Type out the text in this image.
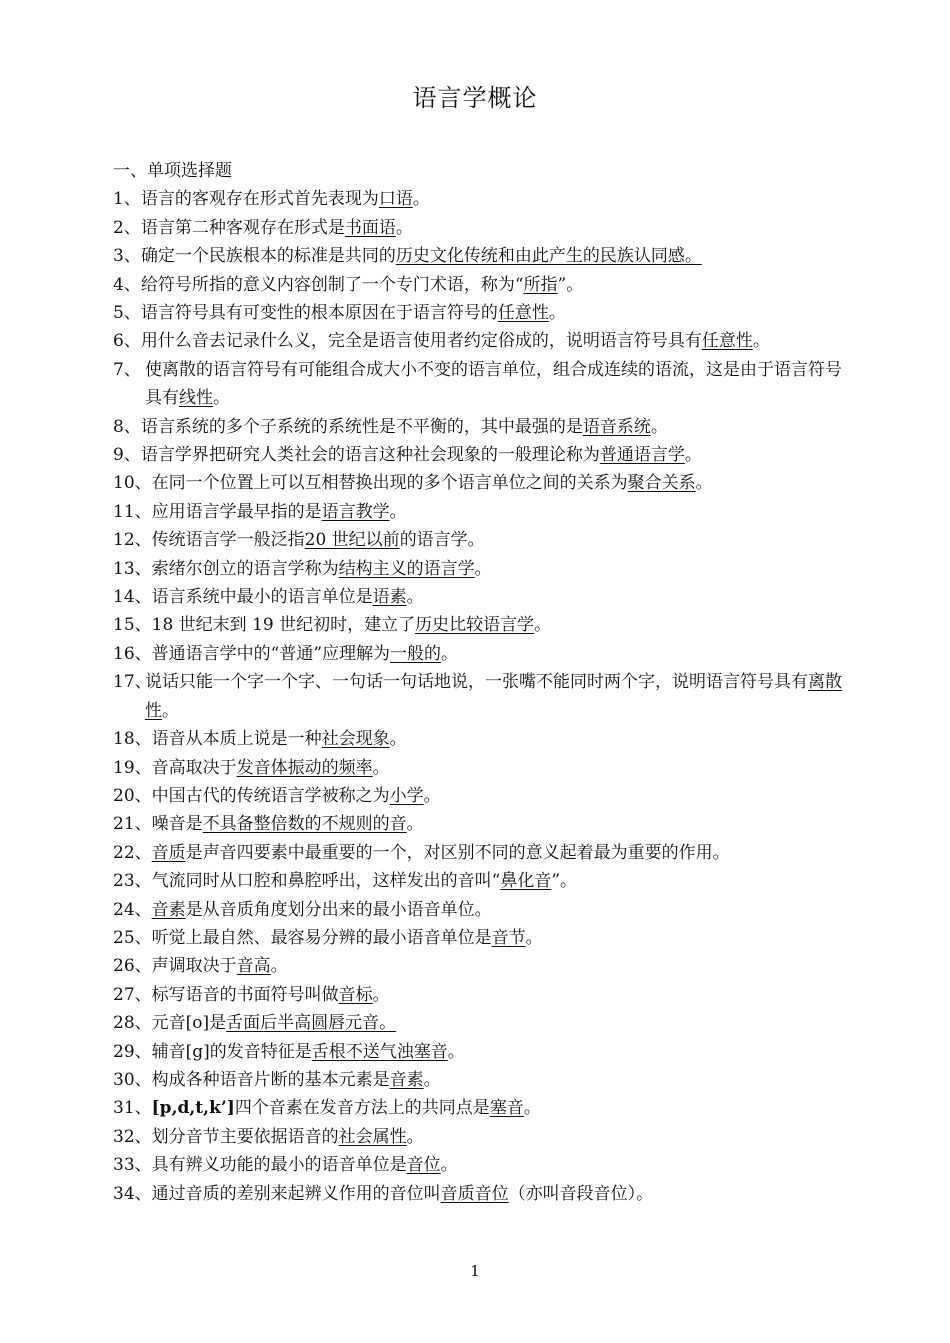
语言学概论
一、单项选择题
1、 语言的客观存在形式首先表现为口语。
2、 语言第二种客观存在形式是书面语。
3、 确定一个民族根本的标准是共同的历史文化传统和由此产生的民族认同感。
4、 给符号所指的意义内容创制了一个专门术语，称为“所指”。
5、 语言符号具有可变性的根本原因在于语言符号的任意性。
6、 用什么音去记录什么义，完全是语言使用者约定俗成的，说明语言符号具有任意性。
7、 使离散的语言符号有可能组合成大小不变的语言单位，组合成连续的语流，这是由于语言符号具有线性。
8、 语言系统的多个子系统的系统性是不平衡的，其中最强的是语音系统。
9、 语言学界把研究人类社会的语言这种社会现象的一般理论称为普通语言学。
10、 在同一个位置上可以互相替换出现的多个语言单位之间的关系为聚合关系。
11、 应用语言学最早指的是语言教学。
12、 传统语言学一般泛指20 世纪以前的语言学。
13、 索绪尔创立的语言学称为结构主义的语言学。
14、 语言系统中最小的语言单位是语素。
15、 18 世纪末到 19 世纪初时，建立了历史比较语言学。
16、 普通语言学中的“普通”应理解为一般的。
17、
说话只能一个字一个字、一句话一句话地说，一张嘴不能同时两个字，说明语言符号具有离散性。
18、 语音从本质上说是一种社会现象。
19、 音高取决于发音体振动的频率。
20、 中国古代的传统语言学被称之为小学。
21、 噪音是不具备整倍数的不规则的音。
22、 音质是声音四要素中最重要的一个，对区别不同的意义起着最为重要的作用。
23、 气流同时从口腔和鼻腔呼出，这样发出的音叫“鼻化音”。
24、 音素是从音质角度划分出来的最小语音单位。
25、 听觉上最自然、最容易分辨的最小语音单位是音节。
26、 声调取决于音高。
27、 标写语音的书面符号叫做音标。
28、 元音[o]是舌面后半高圆唇元音。
29、 辅音[g]的发音特征是舌根不送气浊塞音。
30、 构成各种语音片断的基本元素是音素。
31、 [p,d,t,k’]四个音素在发音方法上的共同点是塞音。
32、 划分音节主要依据语音的社会属性。
33、 具有辨义功能的最小的语音单位是音位。
34、 通过音质的差别来起辨义作用的音位叫音质音位（亦叫音段音位）。
1
